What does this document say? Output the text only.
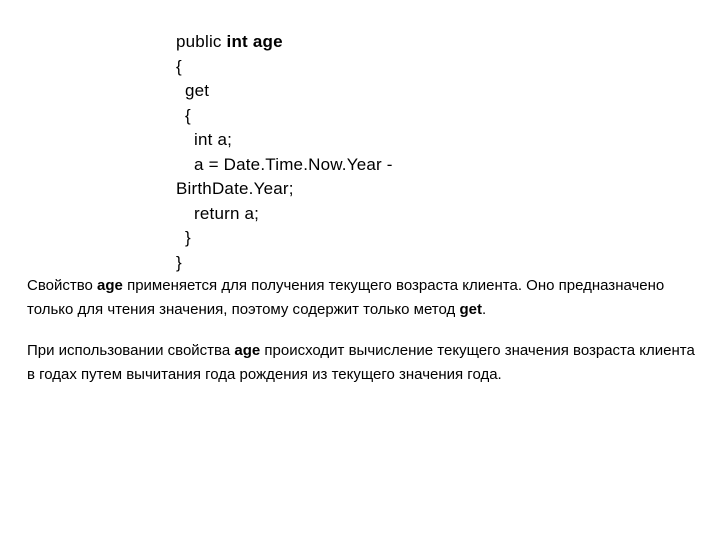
public int age
{
get
{
int a;
a = Date.Time.Now.Year -
BirthDate.Year;
return a;
}
}

Свойство age применяется для получения текущего возраста клиента. Оно предназначено только для чтения значения, поэтому содержит только метод get.

При использовании свойства age происходит вычисление текущего значения возраста клиента в годах путем вычитания года рождения из текущего значения года.
